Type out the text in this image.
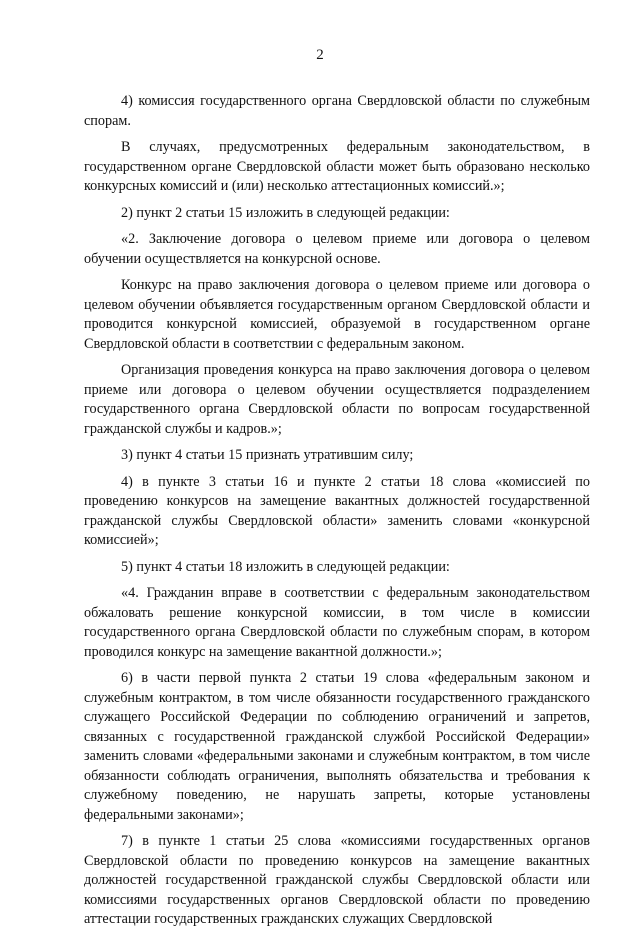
2

4) комиссия государственного органа Свердловской области по служебным спорам.

В случаях, предусмотренных федеральным законодательством, в государственном органе Свердловской области может быть образовано несколько конкурсных комиссий и (или) несколько аттестационных комиссий.»;

2) пункт 2 статьи 15 изложить в следующей редакции:

«2. Заключение договора о целевом приеме или договора о целевом обучении осуществляется на конкурсной основе.

Конкурс на право заключения договора о целевом приеме или договора о целевом обучении объявляется государственным органом Свердловской области и проводится конкурсной комиссией, образуемой в государственном органе Свердловской области в соответствии с федеральным законом.

Организация проведения конкурса на право заключения договора о целевом приеме или договора о целевом обучении осуществляется подразделением государственного органа Свердловской области по вопросам государственной гражданской службы и кадров.»;

3) пункт 4 статьи 15 признать утратившим силу;

4) в пункте 3 статьи 16 и пункте 2 статьи 18 слова «комиссией по проведению конкурсов на замещение вакантных должностей государственной гражданской службы Свердловской области» заменить словами «конкурсной комиссией»;

5) пункт 4 статьи 18 изложить в следующей редакции:

«4. Гражданин вправе в соответствии с федеральным законодательством обжаловать решение конкурсной комиссии, в том числе в комиссии государственного органа Свердловской области по служебным спорам, в котором проводился конкурс на замещение вакантной должности.»;

6) в части первой пункта 2 статьи 19 слова «федеральным законом и служебным контрактом, в том числе обязанности государственного гражданского служащего Российской Федерации по соблюдению ограничений и запретов, связанных с государственной гражданской службой Российской Федерации» заменить словами «федеральными законами и служебным контрактом, в том числе обязанности соблюдать ограничения, выполнять обязательства и требования к служебному поведению, не нарушать запреты, которые установлены федеральными законами»;

7) в пункте 1 статьи 25 слова «комиссиями государственных органов Свердловской области по проведению конкурсов на замещение вакантных должностей государственной гражданской службы Свердловской области или комиссиями государственных органов Свердловской области по проведению аттестации государственных гражданских служащих Свердловской
